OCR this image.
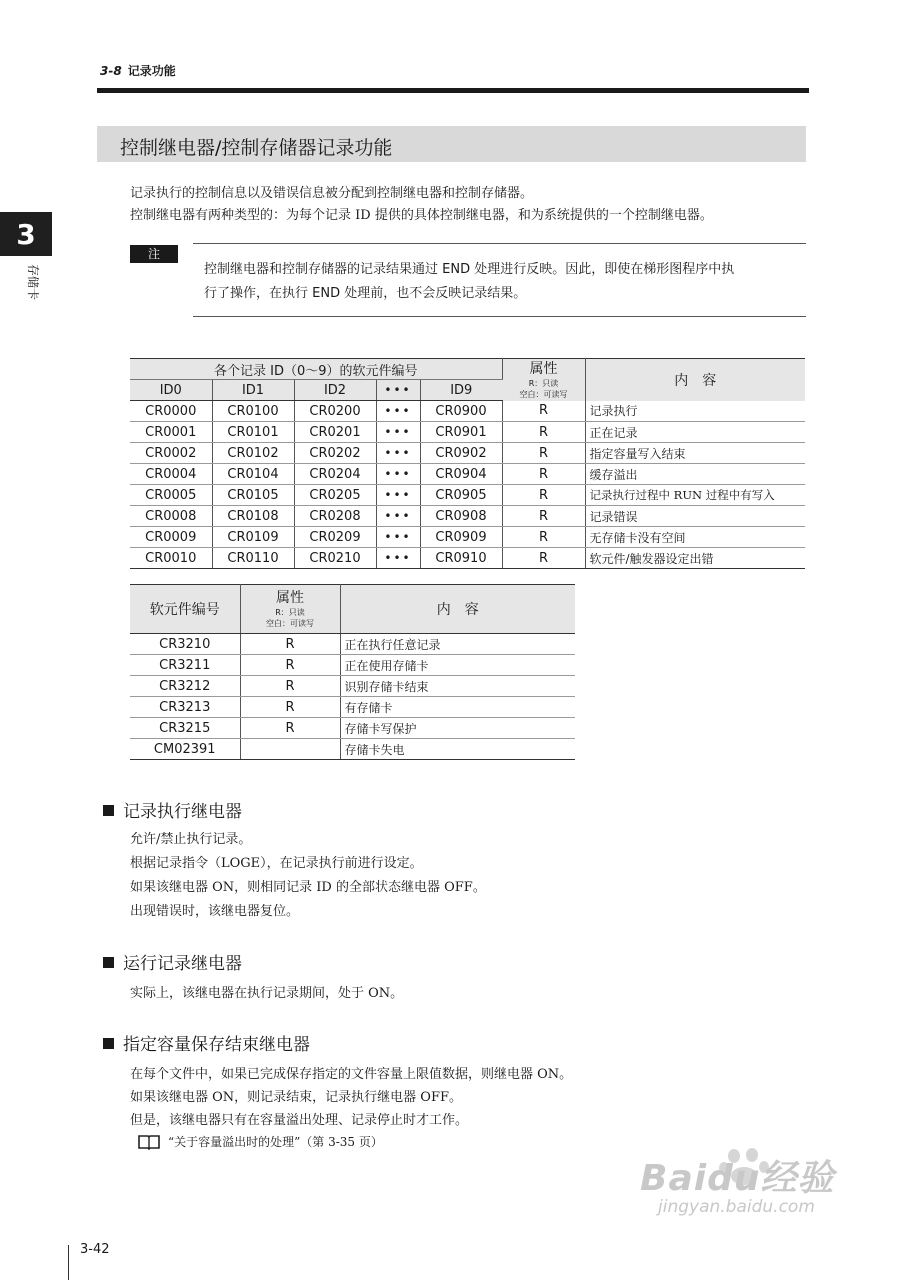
3-8 记录功能
3
存储卡
控制继电器/控制存储器记录功能
记录执行的控制信息以及错误信息被分配到控制继电器和控制存储器。
控制继电器有两种类型的：为每个记录 ID 提供的具体控制继电器，和为系统提供的一个控制继电器。
注
控制继电器和控制存储器的记录结果通过 END 处理进行反映。因此，即使在梯形图程序中执
行了操作，在执行 END 处理前，也不会反映记录结果。
各个记录 ID（0～9）的软元件编号					属性
R：只读
空白：可读写	内　容
ID0	ID1	ID2	•••	ID9		
CR0000	CR0100	CR0200	•••	CR0900	R	记录执行
CR0001	CR0101	CR0201	•••	CR0901	R	正在记录
CR0002	CR0102	CR0202	•••	CR0902	R	指定容量写入结束
CR0004	CR0104	CR0204	•••	CR0904	R	缓存溢出
CR0005	CR0105	CR0205	•••	CR0905	R	记录执行过程中 RUN 过程中有写入
CR0008	CR0108	CR0208	•••	CR0908	R	记录错误
CR0009	CR0109	CR0209	•••	CR0909	R	无存储卡没有空间
CR0010	CR0110	CR0210	•••	CR0910	R	软元件/触发器设定出错
软元件编号	属性
R：只读
空白：可读写	内　容
CR3210	R	正在执行任意记录
CR3211	R	正在使用存储卡
CR3212	R	识别存储卡结束
CR3213	R	有存储卡
CR3215	R	存储卡写保护
CM02391		存储卡失电
记录执行继电器
允许/禁止执行记录。
根据记录指令（LOGE），在记录执行前进行设定。
如果该继电器 ON，则相同记录 ID 的全部状态继电器 OFF。
出现错误时，该继电器复位。
运行记录继电器
实际上，该继电器在执行记录期间，处于 ON。
指定容量保存结束继电器
在每个文件中，如果已完成保存指定的文件容量上限值数据，则继电器 ON。
如果该继电器 ON，则记录结束，记录执行继电器 OFF。
但是，该继电器只有在容量溢出处理、记录停止时才工作。
“关于容量溢出时的处理”（第 3-35 页）
3-42
Baidu经验
jingyan.baidu.com
